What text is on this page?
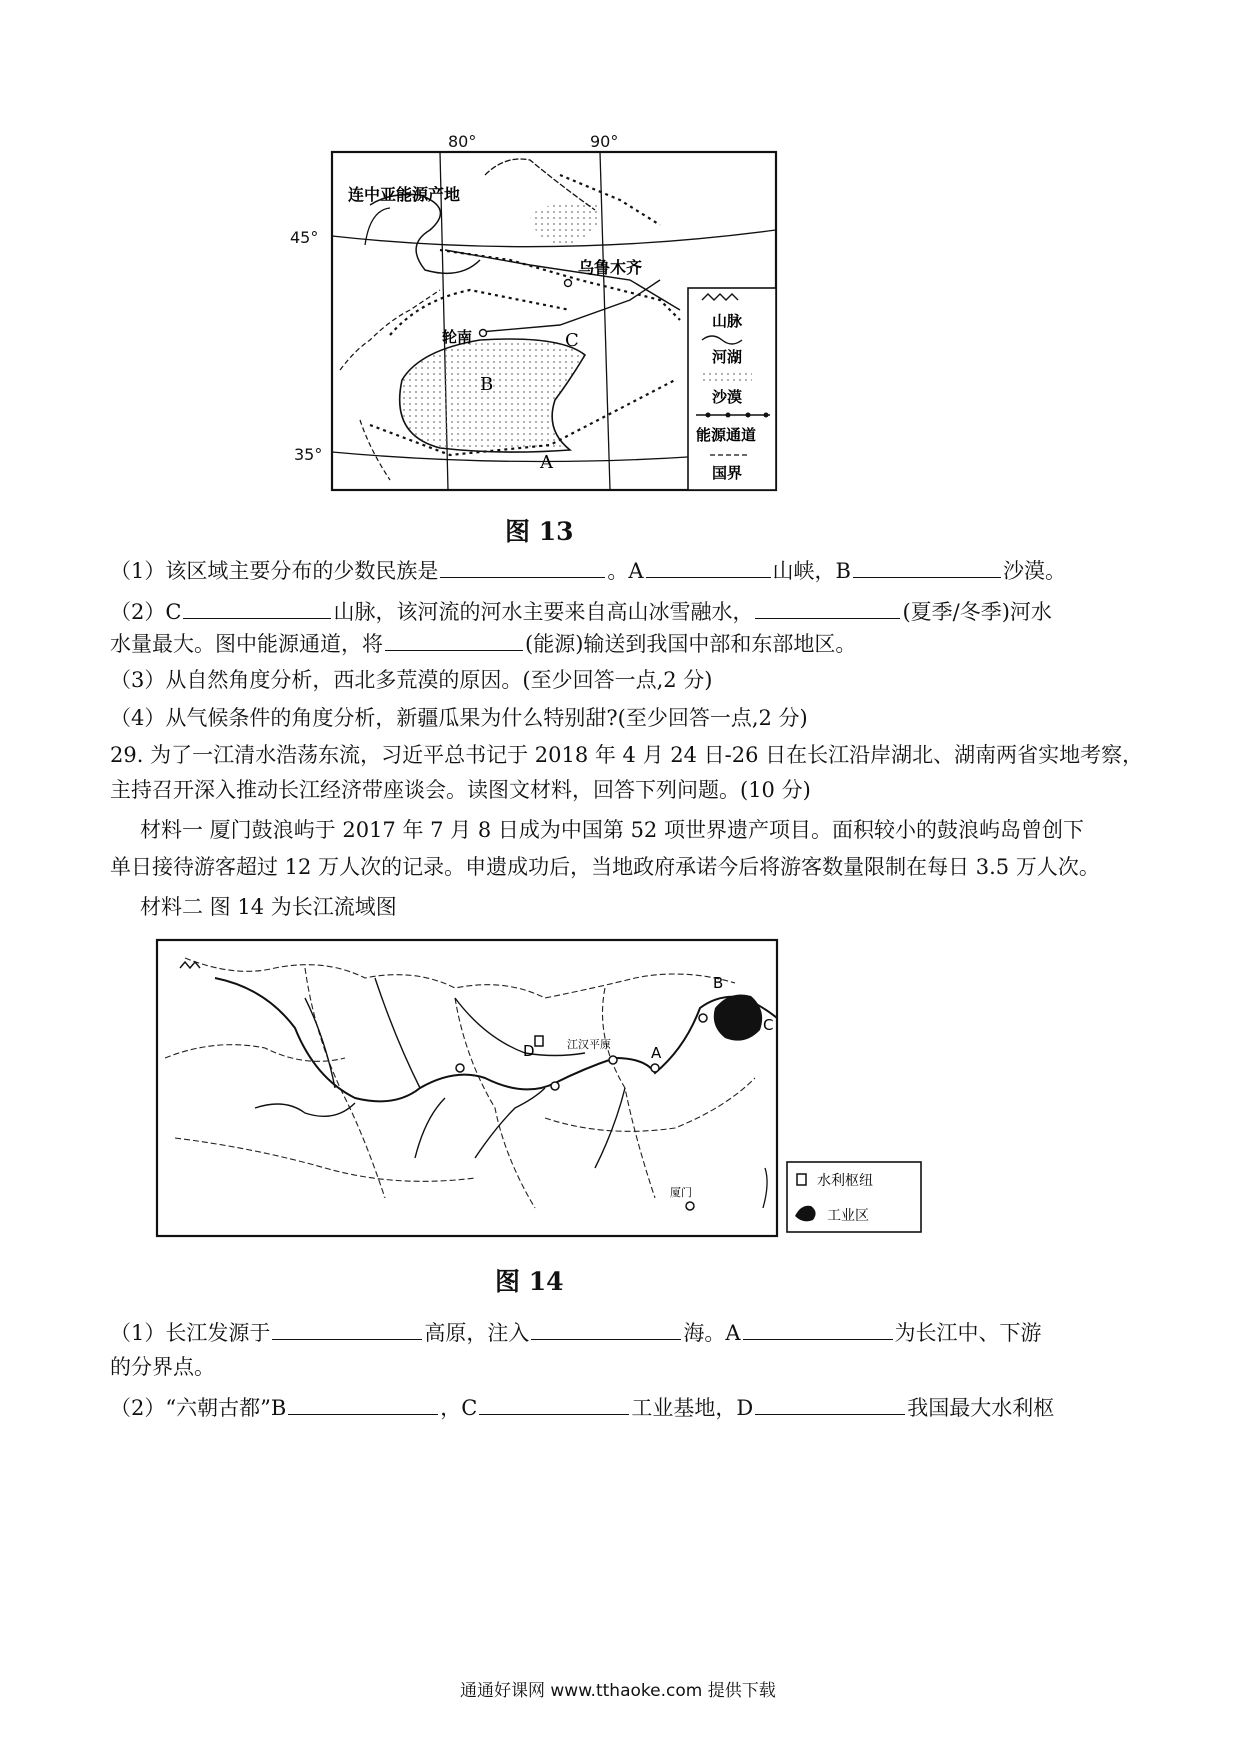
连中亚能源产地
乌鲁木齐
轮南	C
B
A
山脉
河湖
沙漠
能源通道
国界
80°	90°
45°
35°
图 13
（1）该区域主要分布的少数民族是	。A	山峡，B	沙漠。
（2）C	山脉，该河流的河水主要来自高山冰雪融水，	(夏季/冬季)河水
水量最大。图中能源通道，将	(能源)输送到我国中部和东部地区。
（3）从自然角度分析，西北多荒漠的原因。(至少回答一点,2 分)
（4）从气候条件的角度分析，新疆瓜果为什么特别甜?(至少回答一点,2 分)
29. 为了一江清水浩荡东流，习近平总书记于 2018 年 4 月 24 日-26 日在长江沿岸湖北、湖南两省实地考察，
主持召开深入推动长江经济带座谈会。读图文材料，回答下列问题。(10 分)
材料一 厦门鼓浪屿于 2017 年 7 月 8 日成为中国第 52 项世界遗产项目。面积较小的鼓浪屿岛曾创下
单日接待游客超过 12 万人次的记录。申遗成功后，当地政府承诺今后将游客数量限制在每日 3.5 万人次。
材料二 图 14 为长江流域图
B
C
D	A
江汉平原
厦门
水利枢纽
工业区
图 14
（1）长江发源于	高原，注入	海。A	为长江中、下游
的分界点。
（2）“六朝古都”B	，C	工业基地，D	我国最大水利枢
通通好课网 www.tthaoke.com 提供下载
